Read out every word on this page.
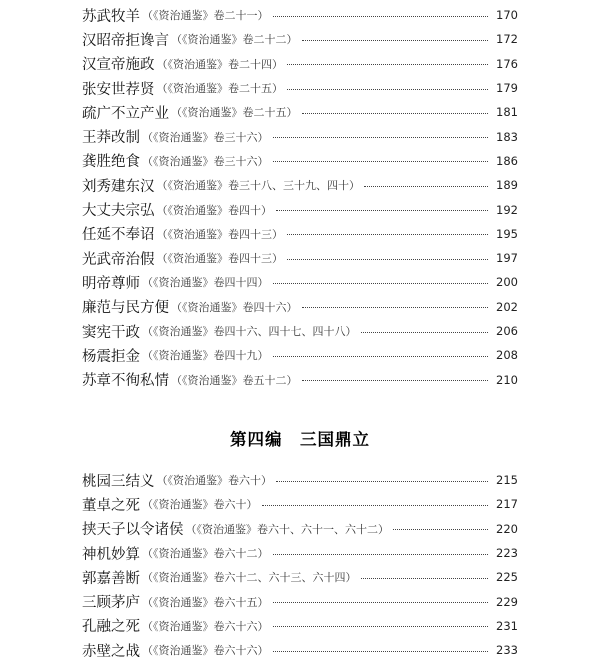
苏武牧羊 （《资治通鉴》卷二十一）	170
汉昭帝拒谗言 （《资治通鉴》卷二十二）	172
汉宣帝施政 （《资治通鉴》卷二十四）	176
张安世荐贤 （《资治通鉴》卷二十五）	179
疏广不立产业 （《资治通鉴》卷二十五）	181
王莽改制 （《资治通鉴》卷三十六）	183
龚胜绝食 （《资治通鉴》卷三十六）	186
刘秀建东汉 （《资治通鉴》卷三十八、三十九、四十）	189
大丈夫宗弘 （《资治通鉴》卷四十）	192
任延不奉诏 （《资治通鉴》卷四十三）	195
光武帝治假 （《资治通鉴》卷四十三）	197
明帝尊师 （《资治通鉴》卷四十四）	200
廉范与民方便 （《资治通鉴》卷四十六）	202
窦宪干政 （《资治通鉴》卷四十六、四十七、四十八）	206
杨震拒金 （《资治通鉴》卷四十九）	208
苏章不徇私情 （《资治通鉴》卷五十二）	210
第四编　三国鼎立
桃园三结义 （《资治通鉴》卷六十）	215
董卓之死 （《资治通鉴》卷六十）	217
挟天子以令诸侯 （《资治通鉴》卷六十、六十一、六十二）	220
神机妙算 （《资治通鉴》卷六十二）	223
郭嘉善断 （《资治通鉴》卷六十二、六十三、六十四）	225
三顾茅庐 （《资治通鉴》卷六十五）	229
孔融之死 （《资治通鉴》卷六十六）	231
赤壁之战 （《资治通鉴》卷六十六）	233
